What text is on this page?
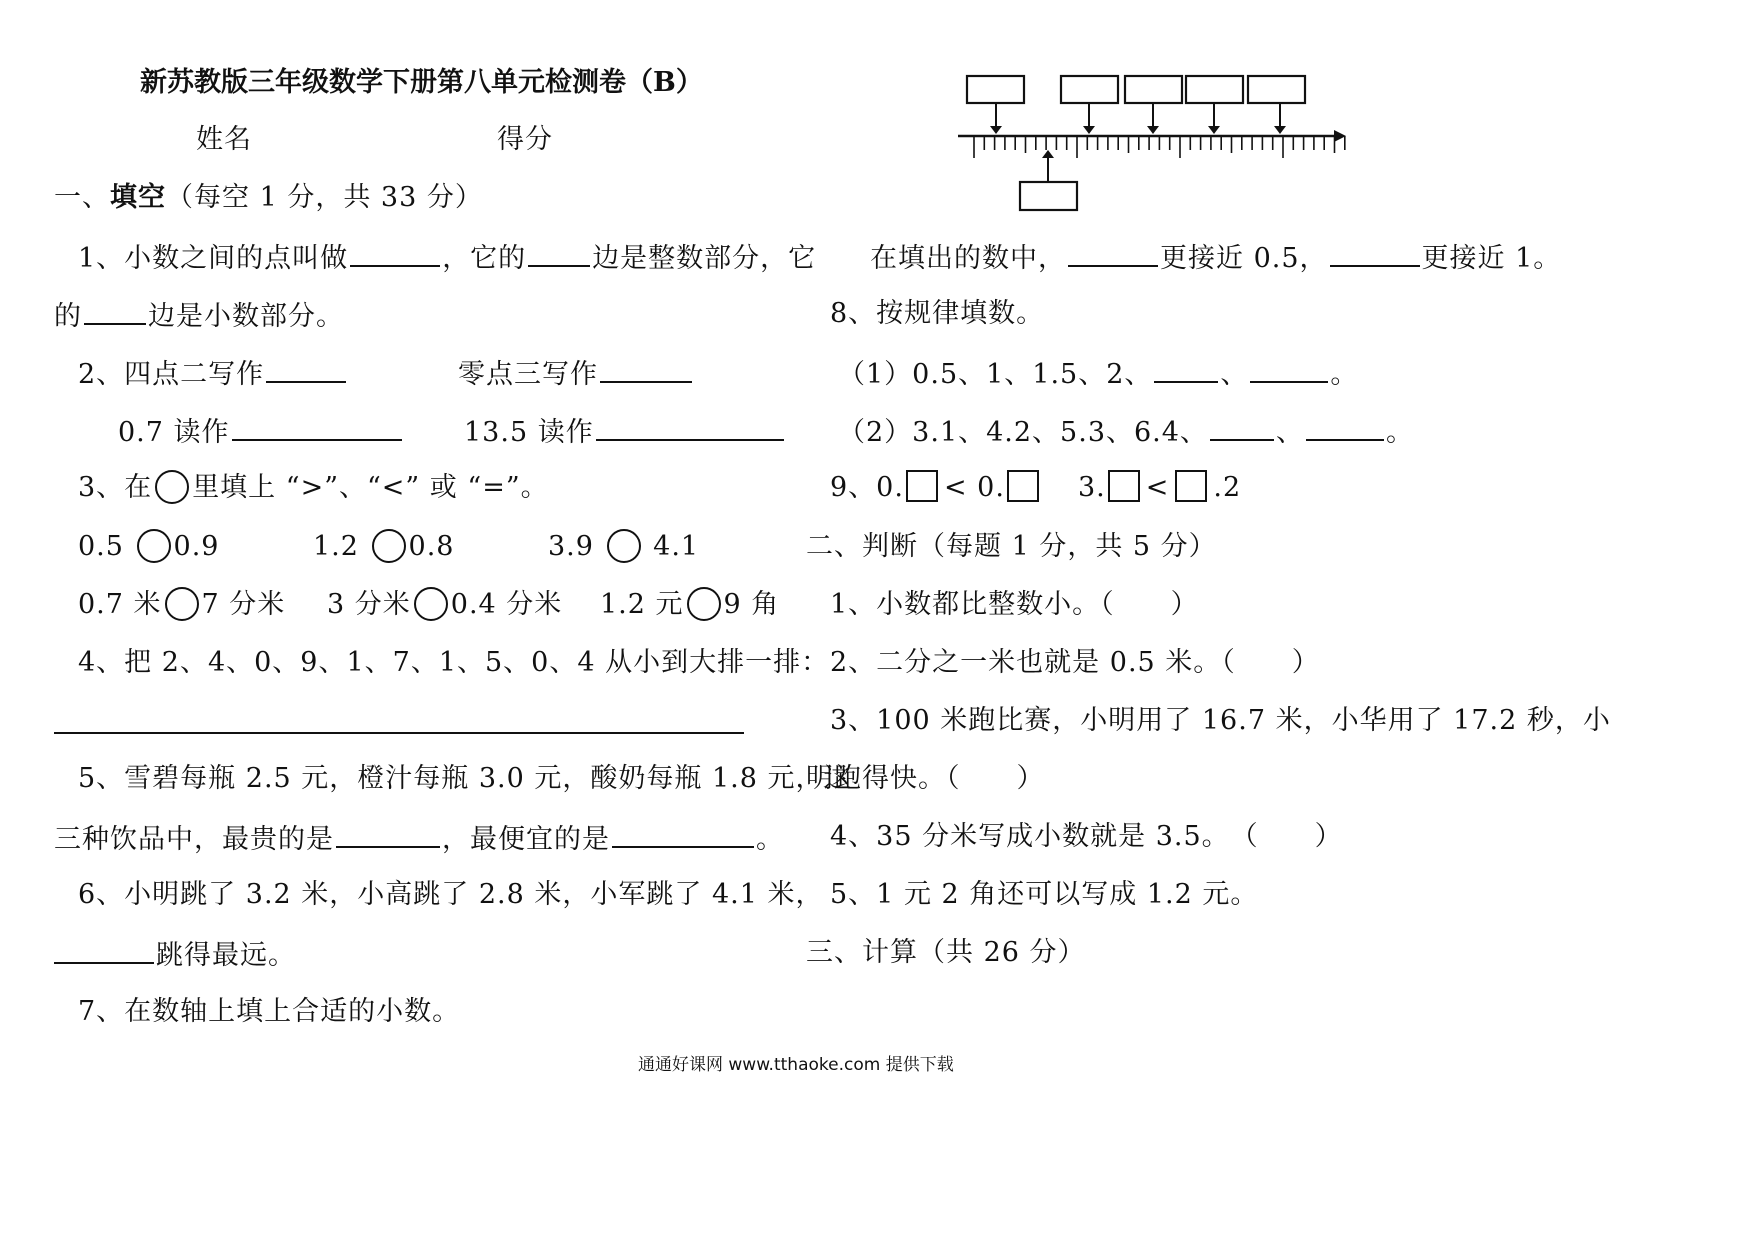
新苏教版三年级数学下册第八单元检测卷（B）
姓名	得分
一、填空（每空 1 分，共 33 分）
1、小数之间的点叫做	，它的 边是整数部分，它
的 边是小数部分。
2、四点二写作	零点三写作
0.7 读作	13.5 读作
3、在 里填上 “>”、“<” 或 “=”。
0.5 0.9	1.2 0.8	3.9 4.1
0.7 米 7 分米 3 分米 0.4 分米 1.2 元 9 角
4、把 2、4、0、9、1、7、1、5、0、4 从小到大排一排：
5、雪碧每瓶 2.5 元，橙汁每瓶 3.0 元，酸奶每瓶 1.8 元，这
三种饮品中，最贵的是	，最便宜的是	。
6、小明跳了 3.2 米，小高跳了 2.8 米，小军跳了 4.1 米，
跳得最远。
7、在数轴上填上合适的小数。
在填出的数中，	更接近 0.5，	更接近 1。
8、按规律填数。
（1）0.5、1、1.5、2、	、	。
（2）3.1、4.2、5.3、6.4、	、	。
9、0. < 0.	3. < .2
二、判断（每题 1 分，共 5 分）
1、小数都比整数小。（　　）
2、二分之一米也就是 0.5 米。（　　）
3、100 米跑比赛，小明用了 16.7 米，小华用了 17.2 秒，小
明跑得快。（　　）
4、35 分米写成小数就是 3.5。　（　　）
5、1 元 2 角还可以写成 1.2 元。
三、计算（共 26 分）
通通好课网 www.tthaoke.com 提供下载
